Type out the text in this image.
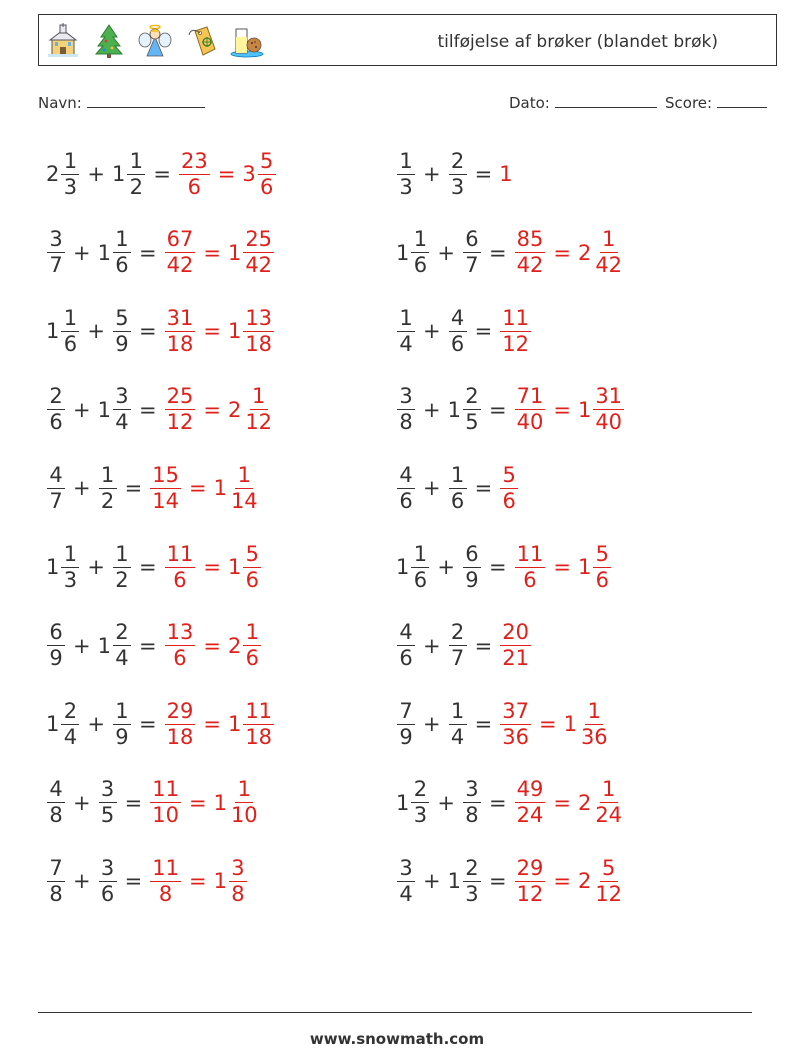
tilføjelse af brøker (blandet brøk)
Navn:	Dato:	Score:
$2 \frac{1}{3} + 1 \frac{1}{2} = \frac{23}{6} = 3 \frac{5}{6}$	$\frac{1}{3} + \frac{2}{3} = 1$
$\frac{3}{7} + 1 \frac{1}{6} = \frac{67}{42} = 1 \frac{25}{42}$	$1 \frac{1}{6} + \frac{6}{7} = \frac{85}{42} = 2 \frac{1}{42}$
$1 \frac{1}{6} + \frac{5}{9} = \frac{31}{18} = 1 \frac{13}{18}$	$\frac{1}{4} + \frac{4}{6} = \frac{11}{12}$
$\frac{2}{6} + 1 \frac{3}{4} = \frac{25}{12} = 2 \frac{1}{12}$	$\frac{3}{8} + 1 \frac{2}{5} = \frac{71}{40} = 1 \frac{31}{40}$
$\frac{4}{7} + \frac{1}{2} = \frac{15}{14} = 1 \frac{1}{14}$	$\frac{4}{6} + \frac{1}{6} = \frac{5}{6}$
$1 \frac{1}{3} + \frac{1}{2} = \frac{11}{6} = 1 \frac{5}{6}$	$1 \frac{1}{6} + \frac{6}{9} = \frac{11}{6} = 1 \frac{5}{6}$
$\frac{6}{9} + 1 \frac{2}{4} = \frac{13}{6} = 2 \frac{1}{6}$	$\frac{4}{6} + \frac{2}{7} = \frac{20}{21}$
$1 \frac{2}{4} + \frac{1}{9} = \frac{29}{18} = 1 \frac{11}{18}$	$\frac{7}{9} + \frac{1}{4} = \frac{37}{36} = 1 \frac{1}{36}$
$\frac{4}{8} + \frac{3}{5} = \frac{11}{10} = 1 \frac{1}{10}$	$1 \frac{2}{3} + \frac{3}{8} = \frac{49}{24} = 2 \frac{1}{24}$
$\frac{7}{8} + \frac{3}{6} = \frac{11}{8} = 1 \frac{3}{8}$	$\frac{3}{4} + 1 \frac{2}{3} = \frac{29}{12} = 2 \frac{5}{12}$
www.snowmath.com
